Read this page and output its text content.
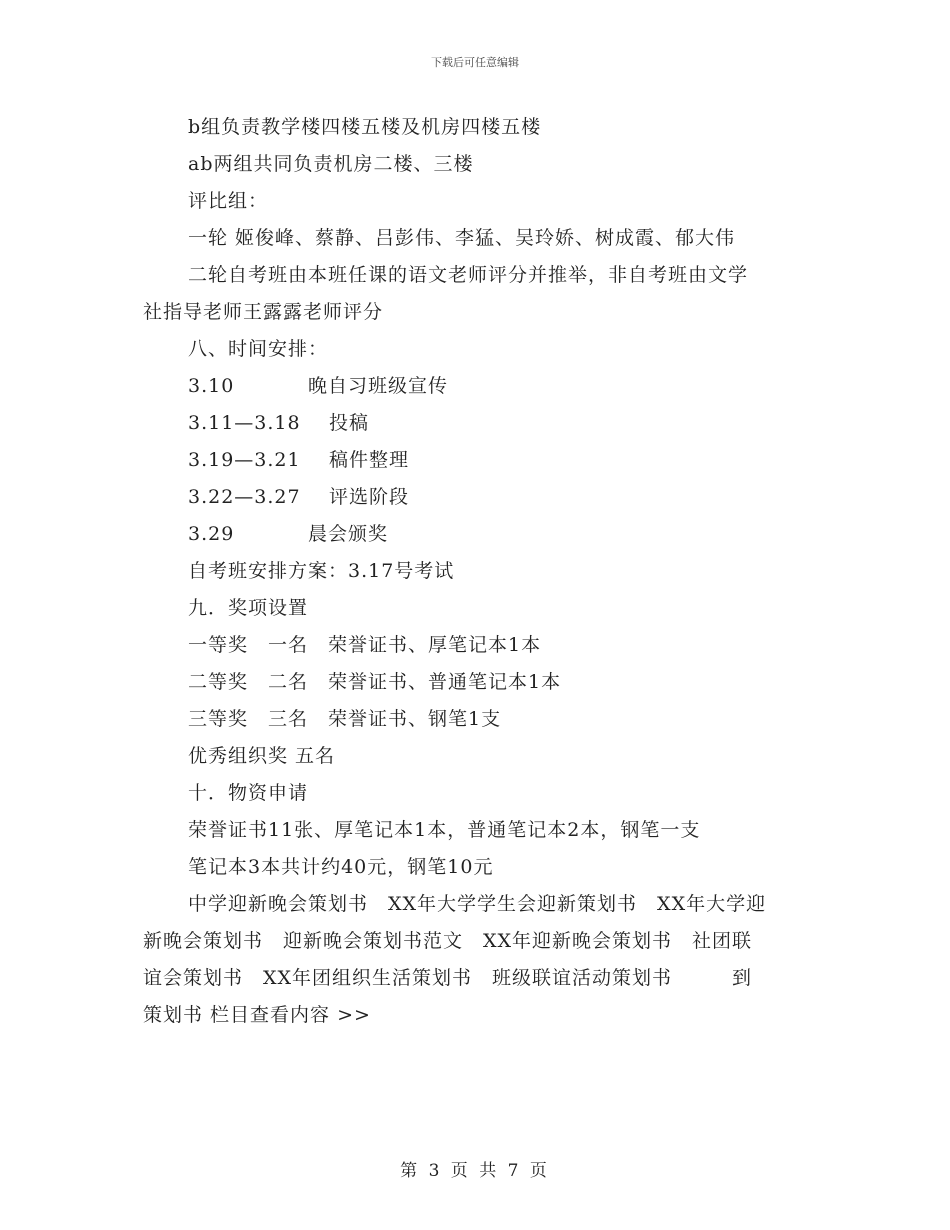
下载后可任意编辑
b组负责教学楼四楼五楼及机房四楼五楼
ab两组共同负责机房二楼、三楼
评比组：
一轮 姬俊峰、蔡静、吕彭伟、李猛、吴玲娇、树成霞、郁大伟
二轮自考班由本班任课的语文老师评分并推举，非自考班由文学
社指导老师王露露老师评分
八、时间安排：
3.10	晚自习班级宣传
3.11—3.18 投稿
3.19—3.21 稿件整理
3.22—3.27 评选阶段
3.29	晨会颁奖
自考班安排方案：3.17号考试
九．奖项设置
一等奖　一名　荣誉证书、厚笔记本1本
二等奖　二名　荣誉证书、普通笔记本1本
三等奖　三名　荣誉证书、钢笔1支
优秀组织奖 五名
十．物资申请
荣誉证书11张、厚笔记本1本，普通笔记本2本，钢笔一支
笔记本3本共计约40元，钢笔10元
中学迎新晚会策划书　XX年大学学生会迎新策划书　XX年大学迎
新晚会策划书　迎新晚会策划书范文　XX年迎新晚会策划书　社团联
谊会策划书　XX年团组织生活策划书　班级联谊活动策划书　　　到
策划书 栏目查看内容 >>
第 3 页 共 7 页
